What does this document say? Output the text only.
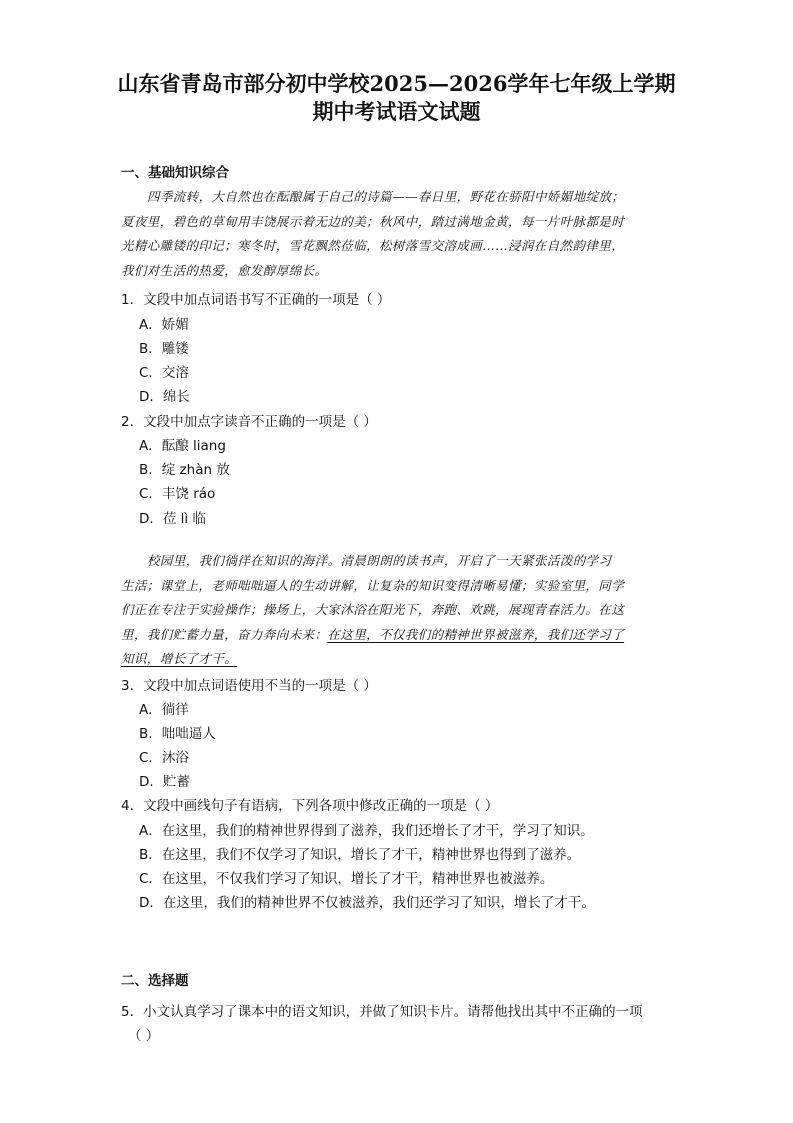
山东省青岛市部分初中学校2025—2026学年七年级上学期
期中考试语文试题
一、基础知识综合
四季流转，大自然也在酝酿属于自己的诗篇——春日里，野花在骄阳中娇媚地绽放；
夏夜里，碧色的草甸用丰饶展示着无边的美；秋风中，踏过满地金黄，每一片叶脉都是时
光精心雕镂的印记；寒冬时，雪花飘然莅临，松树落雪交溶成画……浸润在自然韵律里，
我们对生活的热爱，愈发醇厚绵长。
1．文段中加点词语书写不正确的一项是（ ）
A．娇媚
B．雕镂
C．交溶
D．绵长
2．文段中加点字读音不正确的一项是（ ）
A．酝酿 liang
B．绽 zhàn 放
C．丰饶 ráo
D．莅 lì 临
校园里，我们徜徉在知识的海洋。清晨朗朗的读书声，开启了一天紧张活泼的学习
生活；课堂上，老师咄咄逼人的生动讲解，让复杂的知识变得清晰易懂；实验室里，同学
们正在专注于实验操作；操场上，大家沐浴在阳光下，奔跑、欢跳，展现青春活力。在这
里，我们贮蓄力量，奋力奔向未来：在这里，不仅我们的精神世界被滋养，我们还学习了
知识，增长了才干。
3．文段中加点词语使用不当的一项是（ ）
A．徜徉
B．咄咄逼人
C．沐浴
D．贮蓄
4．文段中画线句子有语病，下列各项中修改正确的一项是（ ）
A．在这里，我们的精神世界得到了滋养，我们还增长了才干，学习了知识。
B．在这里，我们不仅学习了知识，增长了才干，精神世界也得到了滋养。
C．在这里，不仅我们学习了知识，增长了才干，精神世界也被滋养。
D．在这里，我们的精神世界不仅被滋养，我们还学习了知识，增长了才干。
二、选择题
5．小文认真学习了课本中的语文知识，并做了知识卡片。请帮他找出其中不正确的一项
（ ）
